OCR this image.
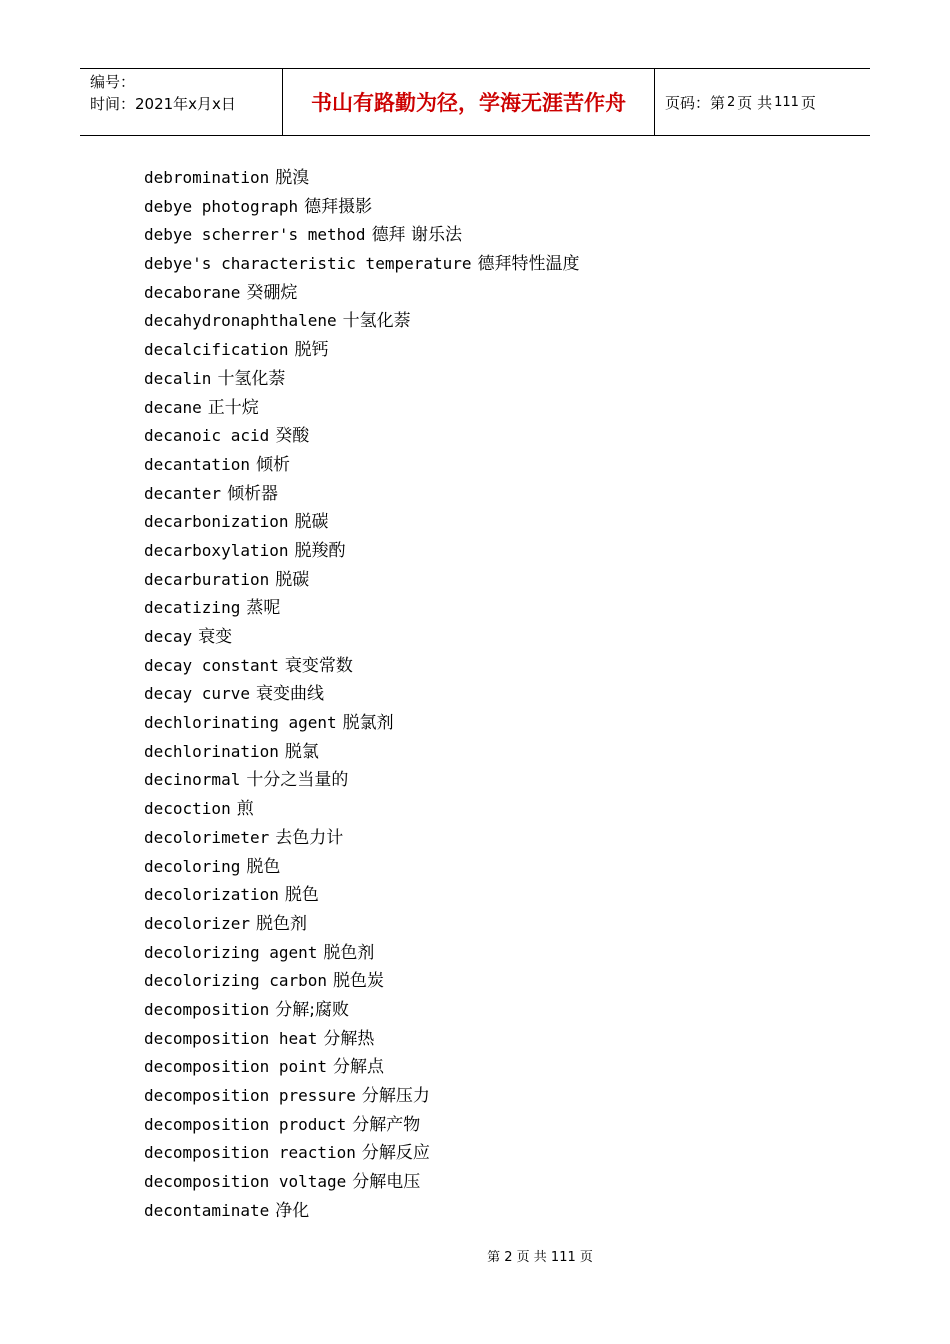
编号：
时间：2021年x月x日	书山有路勤为径，学海无涯苦作舟	页码：第 2 页 共 111 页
debromination 脱溴
debye photograph 德拜摄影
debye scherrer's method 德拜 谢乐法
debye's characteristic temperature 德拜特性温度
decaborane 癸硼烷
decahydronaphthalene 十氢化萘
decalcification 脱钙
decalin 十氢化萘
decane 正十烷
decanoic acid 癸酸
decantation 倾析
decanter 倾析器
decarbonization 脱碳
decarboxylation 脱羧酌
decarburation 脱碳
decatizing 蒸呢
decay 衰变
decay constant 衰变常数
decay curve 衰变曲线
dechlorinating agent 脱氯剂
dechlorination 脱氯
decinormal 十分之当量的
decoction 煎
decolorimeter 去色力计
decoloring 脱色
decolorization 脱色
decolorizer 脱色剂
decolorizing agent 脱色剂
decolorizing carbon 脱色炭
decomposition 分解;腐败
decomposition heat 分解热
decomposition point 分解点
decomposition pressure 分解压力
decomposition product 分解产物
decomposition reaction 分解反应
decomposition voltage 分解电压
decontaminate 净化
第 2 页 共 111 页
